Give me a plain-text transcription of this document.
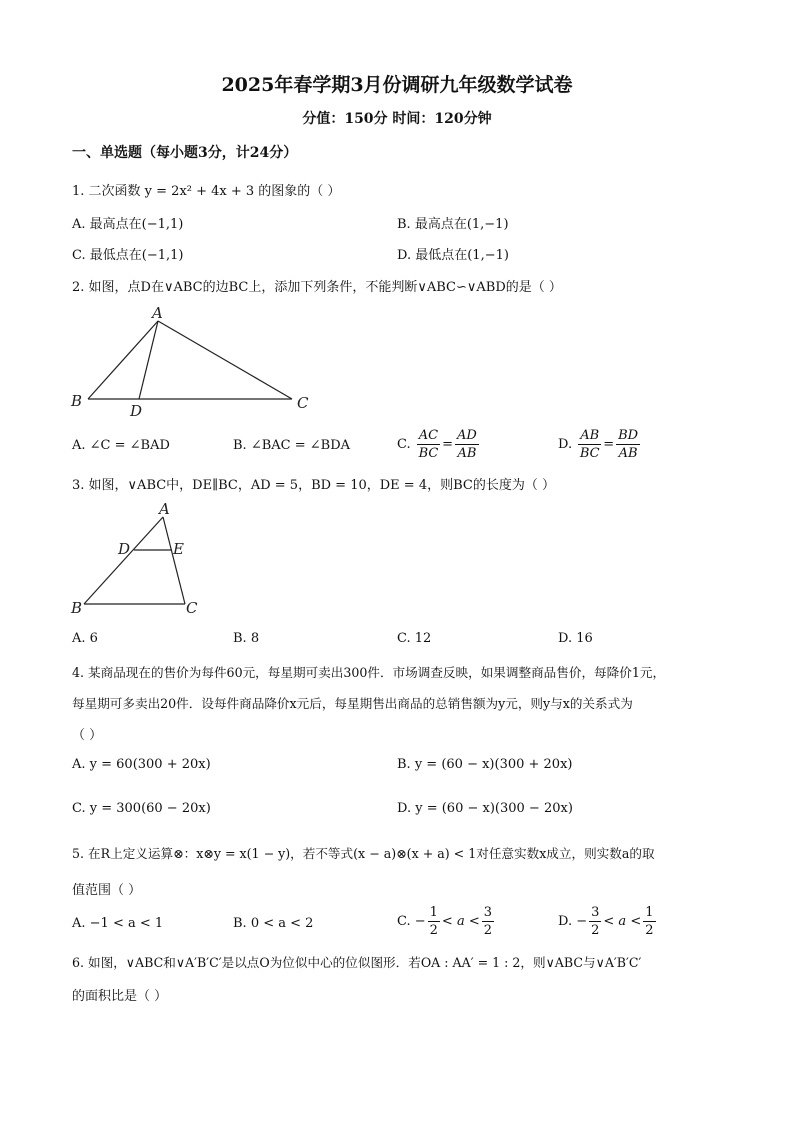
2025年春学期3月份调研九年级数学试卷
分值：150分 时间：120分钟
一、单选题（每小题3分，计24分）
1. 二次函数 y = 2x² + 4x + 3 的图象的（ ）
A. 最高点在(−1,1)	B. 最高点在(1,−1)
C. 最低点在(−1,1)	D. 最低点在(1,−1)
2. 如图，点D在∨ABC的边BC上，添加下列条件，不能判断∨ABC∽∨ABD的是（ ）
A
B	C
D
A. ∠C = ∠BAD	B. ∠BAC = ∠BDA	C. $\frac{AC}{BC} = \frac{AD}{AB}$	D. $\frac{AB}{BC} = \frac{BD}{AB}$
3. 如图，∨ABC中，DE∥BC，AD = 5，BD = 10，DE = 4，则BC的长度为（ ）
A
B	C
D	E
A. 6	B. 8	C. 12	D. 16
4. 某商品现在的售价为每件60元，每星期可卖出300件．市场调查反映，如果调整商品售价，每降价1元，
每星期可多卖出20件．设每件商品降价x元后，每星期售出商品的总销售额为y元，则y与x的关系式为
（ ）
A. y = 60(300 + 20x)	B. y = (60 − x)(300 + 20x)
C. y = 300(60 − 20x)	D. y = (60 − x)(300 − 20x)
5. 在R上定义运算⊗：x⊗y = x(1 − y)，若不等式(x − a)⊗(x + a) < 1对任意实数x成立，则实数a的取
值范围（ ）
A. −1 < a < 1	B. 0 < a < 2	C. − $\frac{1}{2} < a < \frac{3}{2}$	D. − $\frac{3}{2} < a < \frac{1}{2}$
6. 如图，∨ABC和∨A′B′C′是以点O为位似中心的位似图形．若OA : AA′ = 1 : 2，则∨ABC与∨A′B′C′
的面积比是（ ）
